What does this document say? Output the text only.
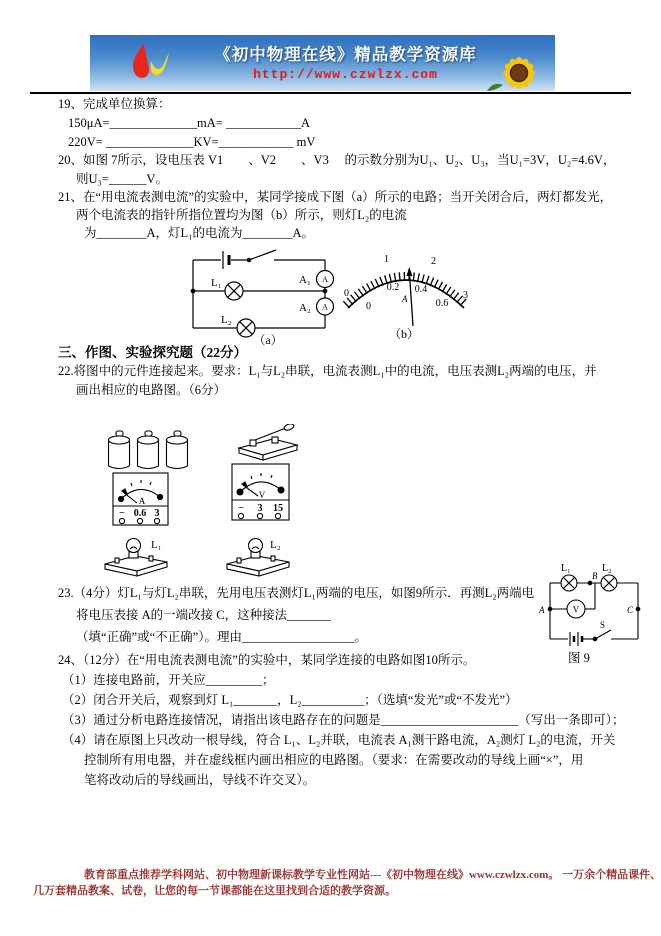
《初中物理在线》精品教学资源库
http://www.czwlzx.com
19、完成单位换算：
150μA=______________mA= ____________A
220V= ______________KV=____________ mV
20、如图 7所示，设电压表 V1　　、V2　　、V3　 的示数分别为U₁、U₂、U₃，当U₁=3V，U₂=4.6V，
则U₃=______V。
21、在“用电流表测电流”的实验中，某同学接成下图（a）所示的电路；当开关闭合后，两灯都发光，
两个电流表的指针所指位置均为图（b）所示，则灯L₂的电流
为________A，灯L₁的电流为________A。
L₁
L₂
A₁
A₂
A
A
（a）
0
1	2
3
0
0.2 0.4
0.6
A
（b）
三、作图、实验探究题（22分）
22.将图中的元件连接起来。要求：L₁与L₂串联，电流表测L₁中的电流，电压表测L₂两端的电压，并
画出相应的电路图。（6分）
A
− 0.6 3
V
− 3 15
L₁	L₂
23.（4分）灯L₁与灯L₂串联，先用电压表测灯L₁两端的电压，如图9所示．再测L₂两端电
将电压表接 A的一端改接 C，这种接法_______
（填“正确”或“不正确”）。理由__________________。
L₁	L₂
B
A	C
S
V
图 9
24、（12分）在“用电流表测电流”的实验中，某同学连接的电路如图10所示。
（1）连接电路前，开关应_________；
（2）闭合开关后，观察到灯 L₁_______，L₂__________；（选填“发光”或“不发光”）
（3）通过分析电路连接情况，请指出该电路存在的问题是______________________（写出一条即可）；
（4）请在原图上只改动一根导线，符合 L₁、L₂并联，电流表 A₁测干路电流，A₂测灯 L₂的电流，开关
控制所有用电器，并在虚线框内画出相应的电路图。（要求：在需要改动的导线上画“×”，用
笔将改动后的导线画出，导线不许交叉）。
教育部重点推荐学科网站、初中物理新课标教学专业性网站---《初中物理在线》www.czwlzx.com。 一万余个精品课件、
几万套精品教案、试卷，让您的每一节课都能在这里找到合适的教学资源。
